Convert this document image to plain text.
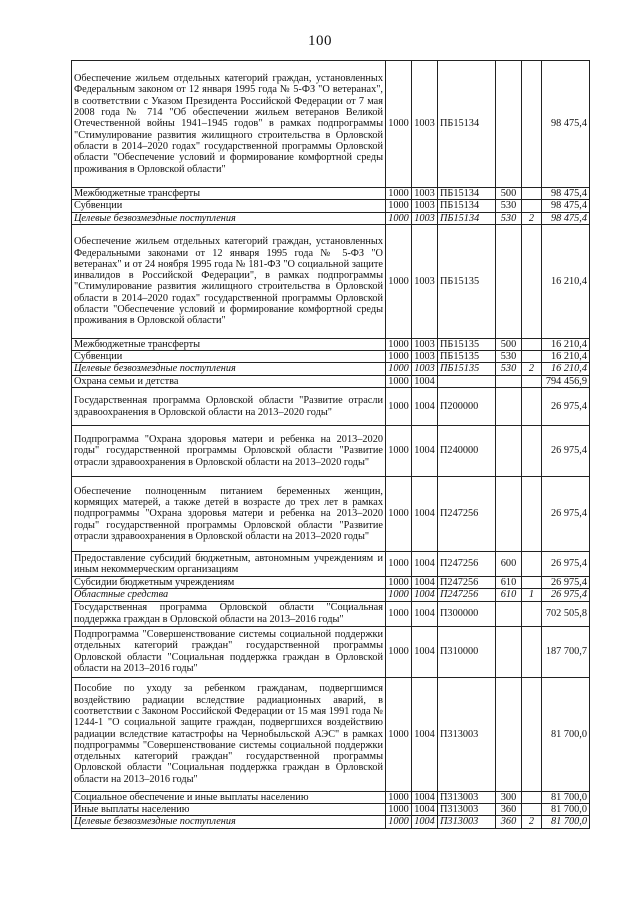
100
Обеспечение жильем отдельных категорий граждан, установленных Федеральным законом от 12 января 1995 года № 5-ФЗ "О ветеранах", в соответствии с Указом Президента Российской Федерации от 7 мая 2008 года № 714 "Об обеспечении жильем ветеранов Великой Отечественной войны 1941–1945 годов" в рамках подпрограммы "Стимулирование развития жилищного строительства в Орловской области в 2014–2020 годах" государственной программы Орловской области "Обеспечение условий и формирование комфортной среды проживания в Орловской области"	1000	1003	ПБ15134			98 475,4
Межбюджетные трансферты	1000	1003	ПБ15134	500		98 475,4
Субвенции	1000	1003	ПБ15134	530		98 475,4
Целевые безвозмездные поступления	1000	1003	ПБ15134	530	2	98 475,4
Обеспечение жильем отдельных категорий граждан, установленных Федеральными законами от 12 января 1995 года № 5-ФЗ "О ветеранах" и от 24 ноября 1995 года № 181-ФЗ "О социальной защите инвалидов в Российской Федерации", в рамках подпрограммы "Стимулирование развития жилищного строительства в Орловской области в 2014–2020 годах" государственной программы Орловской области "Обеспечение условий и формирование комфортной среды проживания в Орловской области"	1000	1003	ПБ15135			16 210,4
Межбюджетные трансферты	1000	1003	ПБ15135	500		16 210,4
Субвенции	1000	1003	ПБ15135	530		16 210,4
Целевые безвозмездные поступления	1000	1003	ПБ15135	530	2	16 210,4
Охрана семьи и детства	1000	1004				794 456,9
Государственная программа Орловской области "Развитие отрасли здравоохранения в Орловской области на 2013–2020 годы"	1000	1004	П200000			26 975,4
Подпрограмма "Охрана здоровья матери и ребенка на 2013–2020 годы" государственной программы Орловской области "Развитие отрасли здравоохранения в Орловской области на 2013–2020 годы"	1000	1004	П240000			26 975,4
Обеспечение полноценным питанием беременных женщин, кормящих матерей, а также детей в возрасте до трех лет в рамках подпрограммы "Охрана здоровья матери и ребенка на 2013–2020 годы" государственной программы Орловской области "Развитие отрасли здравоохранения в Орловской области на 2013–2020 годы"	1000	1004	П247256			26 975,4
Предоставление субсидий бюджетным, автономным учреждениям и иным некоммерческим организациям	1000	1004	П247256	600		26 975,4
Субсидии бюджетным учреждениям	1000	1004	П247256	610		26 975,4
Областные средства	1000	1004	П247256	610	1	26 975,4
Государственная программа Орловской области "Социальная поддержка граждан в Орловской области на 2013–2016 годы"	1000	1004	П300000			702 505,8
Подпрограмма "Совершенствование системы социальной поддержки отдельных категорий граждан" государственной программы Орловской области "Социальная поддержка граждан в Орловской области на 2013–2016 годы"	1000	1004	П310000			187 700,7
Пособие по уходу за ребенком гражданам, подвергшимся воздействию радиации вследствие радиационных аварий, в соответствии с Законом Российской Федерации от 15 мая 1991 года № 1244-1 "О социальной защите граждан, подвергшихся воздействию радиации вследствие катастрофы на Чернобыльской АЭС" в рамках подпрограммы "Совершенствование системы социальной поддержки отдельных категорий граждан" государственной программы Орловской области "Социальная поддержка граждан в Орловской области на 2013–2016 годы"	1000	1004	П313003			81 700,0
Социальное обеспечение и иные выплаты населению	1000	1004	П313003	300		81 700,0
Иные выплаты населению	1000	1004	П313003	360		81 700,0
Целевые безвозмездные поступления	1000	1004	П313003	360	2	81 700,0
